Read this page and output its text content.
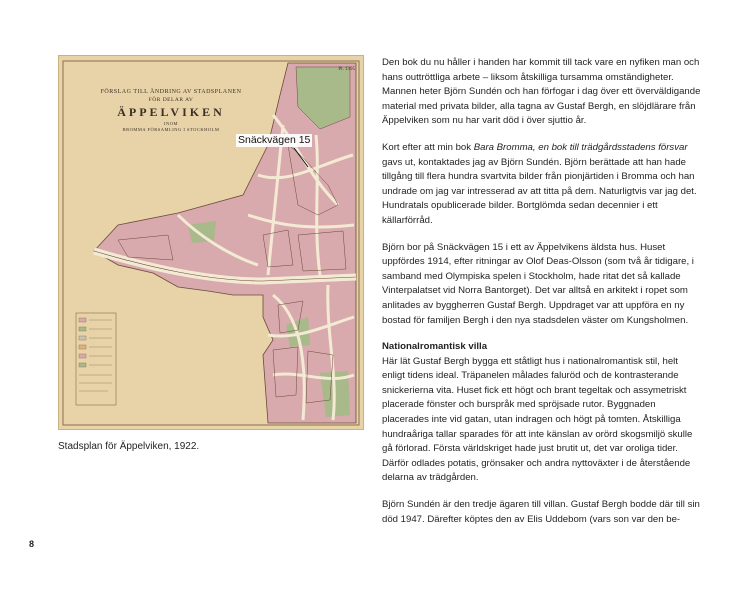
FÖRSLAG TILL ÄNDRING AV STADSPLANEN
FÖR DELAR AV
ÄPPELVIKEN
INOM
BROMMA FÖRSAMLING I STOCKHOLM
Pl. 1395
Snäckvägen 15
Stadsplan för Äppelviken, 1922.
8

Den bok du nu håller i handen har kommit till tack vare en nyfiken man och hans outtröttliga arbete – liksom åtskilliga tursamma omständigheter. Mannen heter Björn Sundén och han förfogar i dag över ett överväldigande material med privata bilder, alla tagna av Gustaf Bergh, en slöjdlärare från Äppelviken som nu har varit död i över sjuttio år.

Kort efter att min bok Bara Bromma, en bok till trädgårdsstadens försvar gavs ut, kontaktades jag av Björn Sundén. Björn berättade att han hade tillgång till flera hundra svartvita bilder från pionjärtiden i Bromma och han undrade om jag var intresserad av att titta på dem. Naturligtvis var jag det. Hundratals opublicerade bilder. Bortglömda sedan decennier i ett källarförråd.

Björn bor på Snäckvägen 15 i ett av Äppelvikens äldsta hus. Huset uppfördes 1914, efter ritningar av Olof Deas-Olsson (som två år tidigare, i samband med Olympiska spelen i Stockholm, hade ritat det så kallade Vinterpalatset vid Norra Bantorget). Det var alltså en arkitekt i ropet som anlitades av byggherren Gustaf Bergh. Uppdraget var att uppföra en ny bostad för familjen Bergh i den nya stadsdelen väster om Kungsholmen.

Nationalromantisk villa

Här lät Gustaf Bergh bygga ett ståtligt hus i nationalromantisk stil, helt enligt tidens ideal. Träpanelen målades faluröd och de kontrasterande snickerierna vita. Huset fick ett högt och brant tegeltak och assymetriskt placerade fönster och burspråk med spröjsade rutor. Byggnaden placerades inte vid gatan, utan indragen och högt på tomten. Åtskilliga hundraåriga tallar sparades för att inte känslan av orörd skogsmiljö skulle gå förlorad. Första världskriget hade just brutit ut, det var oroliga tider. Därför odlades potatis, grönsaker och andra nyttoväxter i de återstående delarna av trädgården.

Björn Sundén är den tredje ägaren till villan. Gustaf Bergh bodde där till sin död 1947. Därefter köptes den av Elis Uddebom (vars son var den be-
